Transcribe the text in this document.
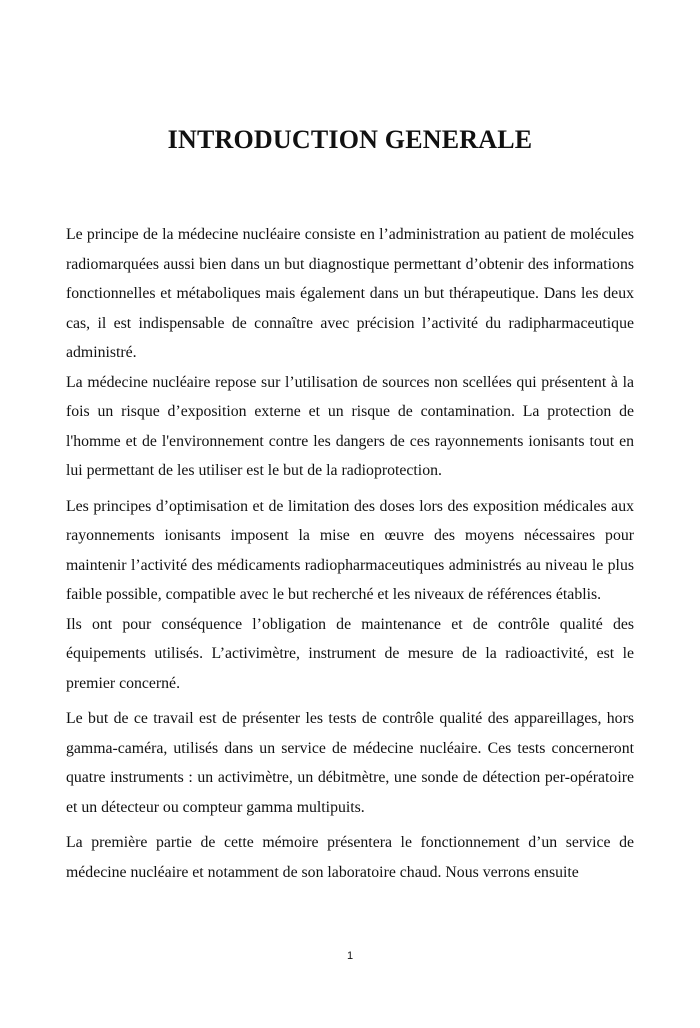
INTRODUCTION GENERALE

Le principe de la médecine nucléaire consiste en l’administration au patient de molécules radiomarquées aussi bien dans un but diagnostique permettant d’obtenir des informations fonctionnelles et métaboliques mais également dans un but thérapeutique. Dans les deux cas, il est indispensable de connaître avec précision l’activité du radipharmaceutique administré.

La médecine nucléaire repose sur l’utilisation de sources non scellées qui présentent à la fois un risque d’exposition externe et un risque de contamination. La protection de l'homme et de l'environnement contre les dangers de ces rayonnements ionisants tout en lui permettant de les utiliser est le but de la radioprotection.

Les principes d’optimisation et de limitation des doses lors des exposition médicales aux rayonnements ionisants imposent la mise en œuvre des moyens nécessaires pour maintenir l’activité des médicaments radiopharmaceutiques administrés au niveau le plus faible possible, compatible avec le but recherché et les niveaux de références établis.

Ils ont pour conséquence l’obligation de maintenance et de contrôle qualité des équipements utilisés. L’activimètre, instrument de mesure de la radioactivité, est le premier concerné.

Le but de ce travail est de présenter les tests de contrôle qualité des appareillages, hors gamma-caméra, utilisés dans un service de médecine nucléaire. Ces tests concerneront quatre instruments : un activimètre, un débitmètre, une sonde de détection per-opératoire et un détecteur ou compteur gamma multipuits.

La première partie de cette mémoire présentera le fonctionnement d’un service de médecine nucléaire et notamment de son laboratoire chaud. Nous verrons ensuite

1
